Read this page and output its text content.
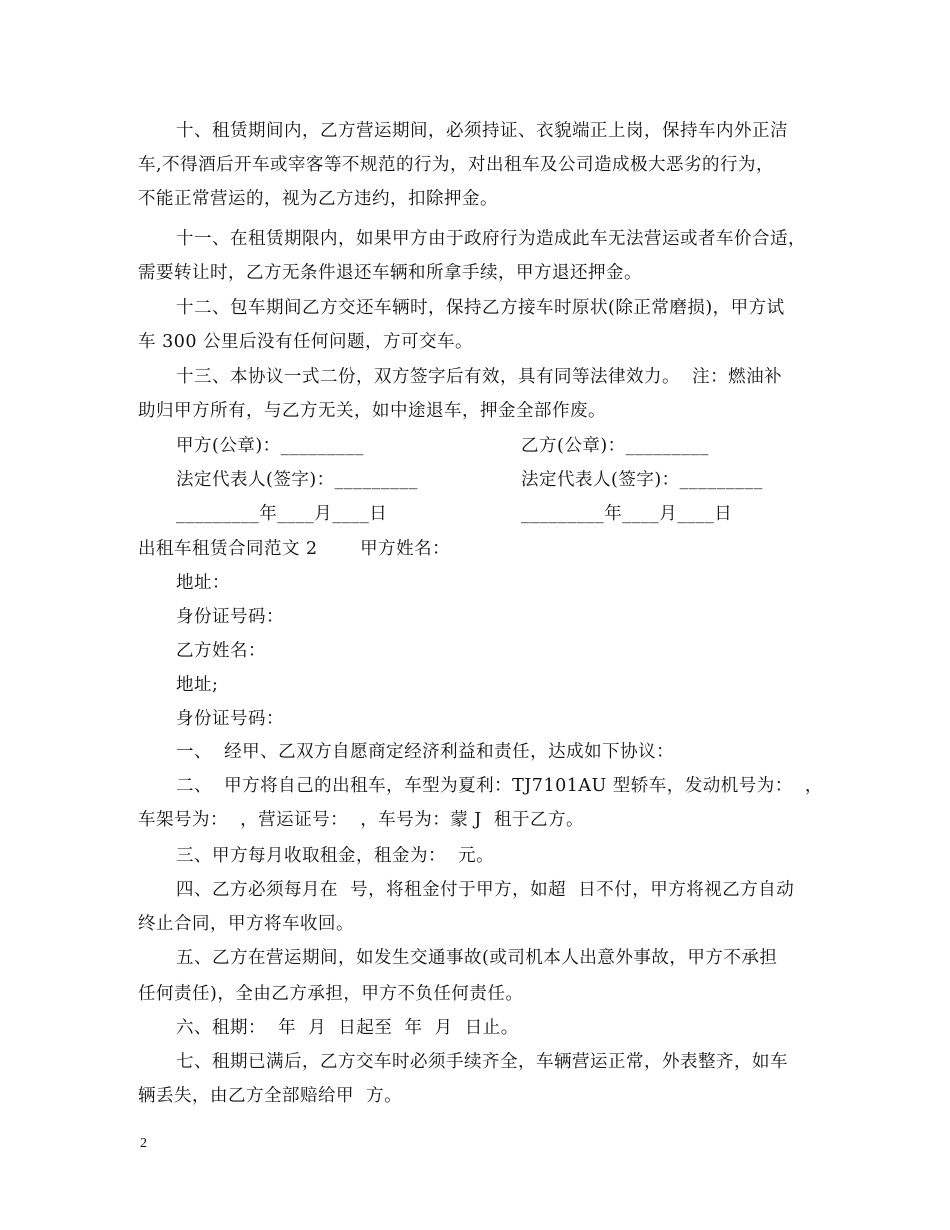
十、租赁期间内，乙方营运期间，必须持证、衣貌端正上岗，保持车内外正洁
车,不得酒后开车或宰客等不规范的行为，对出租车及公司造成极大恶劣的行为，
不能正常营运的，视为乙方违约，扣除押金。
十一、在租赁期限内，如果甲方由于政府行为造成此车无法营运或者车价合适，
需要转让时，乙方无条件退还车辆和所拿手续，甲方退还押金。
十二、包车期间乙方交还车辆时，保持乙方接车时原状(除正常磨损)，甲方试
车 300 公里后没有任何问题，方可交车。
十三、本协议一式二份，双方签字后有效，具有同等法律效力。  注：燃油补
助归甲方所有，与乙方无关，如中途退车，押金全部作废。
甲方(公章)：_________	乙方(公章)：_________
法定代表人(签字)：_________	法定代表人(签字)：_________
_________年____月____日	_________年____月____日
出租车租赁合同范文 2       甲方姓名：
地址：
身份证号码：
乙方姓名：
地址;
身份证号码：
一、  经甲、乙双方自愿商定经济利益和责任，达成如下协议：
二、  甲方将自己的出租车，车型为夏利：TJ7101AU 型轿车，发动机号为：  ，
车架号为：  ，营运证号：  ，车号为：蒙 J  租于乙方。
三、甲方每月收取租金，租金为：  元。
四、乙方必须每月在  号，将租金付于甲方，如超  日不付，甲方将视乙方自动
终止合同，甲方将车收回。
五、乙方在营运期间，如发生交通事故(或司机本人出意外事故，甲方不承担
任何责任)，全由乙方承担，甲方不负任何责任。
六、租期：  年  月  日起至  年  月  日止。
七、租期已满后，乙方交车时必须手续齐全，车辆营运正常，外表整齐，如车
辆丢失，由乙方全部赔给甲  方。
2
